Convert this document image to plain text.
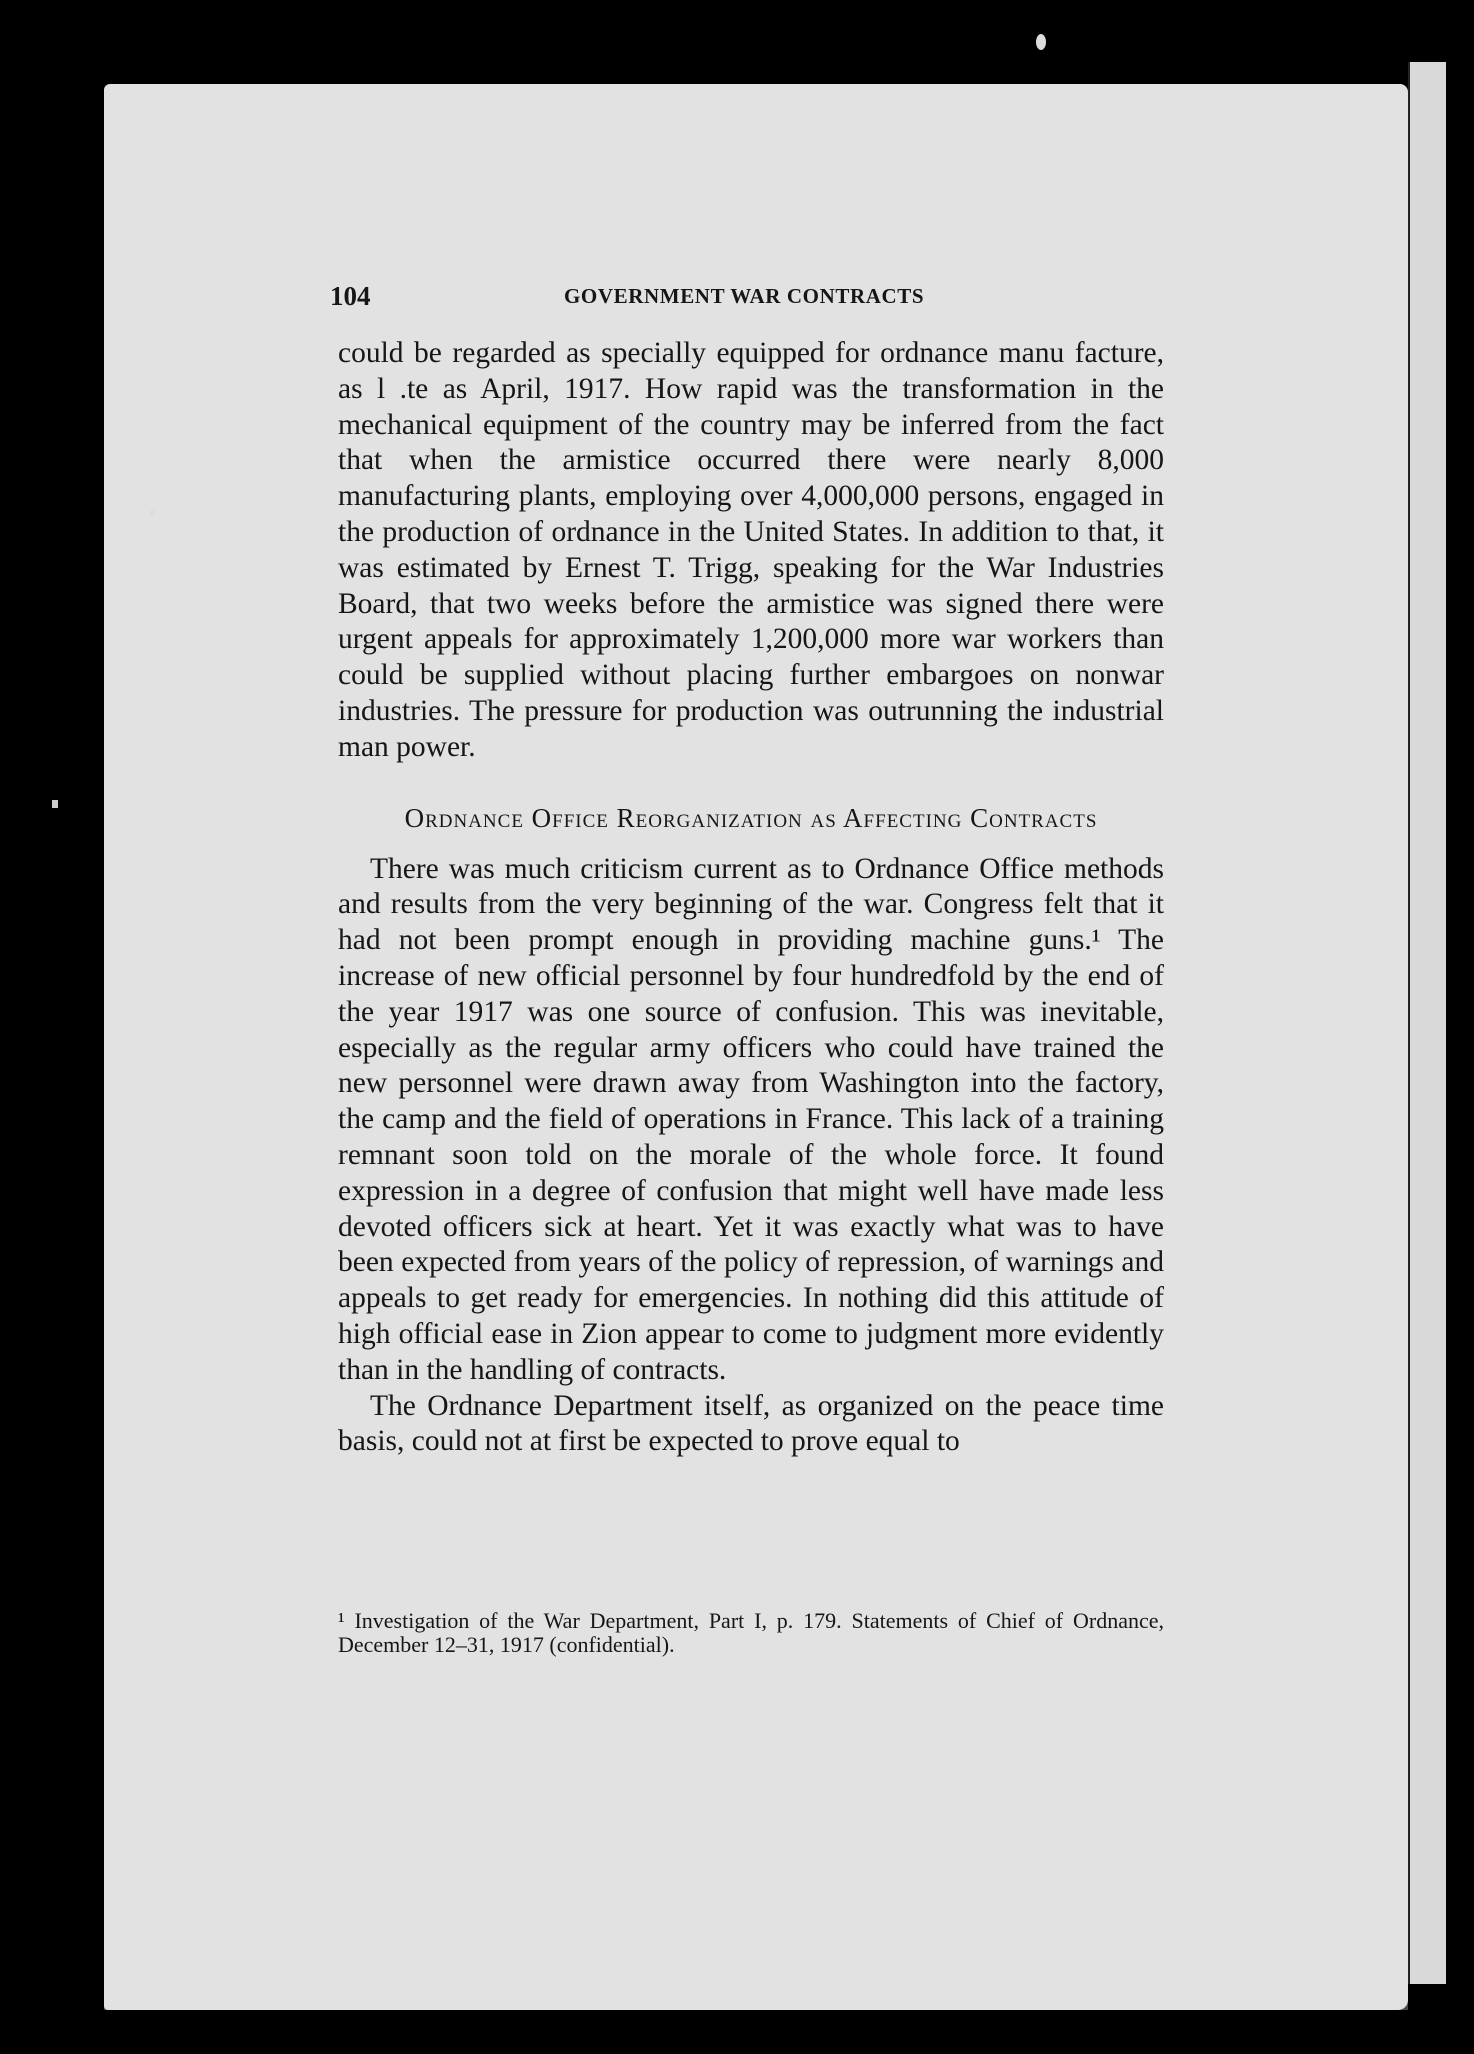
104	GOVERNMENT WAR CONTRACTS

could be regarded as specially equipped for ordnance manu facture, as l .te as April, 1917. How rapid was the transformation in the mechanical equipment of the country may be inferred from the fact that when the armistice occurred there were nearly 8,000 manufacturing plants, employing over 4,000,000 persons, engaged in the production of ordnance in the United States. In addition to that, it was estimated by Ernest T. Trigg, speaking for the War Industries Board, that two weeks before the armistice was signed there were urgent appeals for approximately 1,200,000 more war workers than could be supplied without placing further embargoes on nonwar industries. The pressure for production was outrunning the industrial man power.

Ordnance Office Reorganization as Affecting Contracts

There was much criticism current as to Ordnance Office methods and results from the very beginning of the war. Congress felt that it had not been prompt enough in providing machine guns.¹ The increase of new official personnel by four hundredfold by the end of the year 1917 was one source of confusion. This was inevitable, especially as the regular army officers who could have trained the new personnel were drawn away from Washington into the factory, the camp and the field of operations in France. This lack of a training remnant soon told on the morale of the whole force. It found expression in a degree of confusion that might well have made less devoted officers sick at heart. Yet it was exactly what was to have been expected from years of the policy of repression, of warnings and appeals to get ready for emergencies. In nothing did this attitude of high official ease in Zion appear to come to judgment more evidently than in the handling of contracts.

The Ordnance Department itself, as organized on the peace time basis, could not at first be expected to prove equal to

¹ Investigation of the War Department, Part I, p. 179. Statements of Chief of Ordnance, December 12–31, 1917 (confidential).
